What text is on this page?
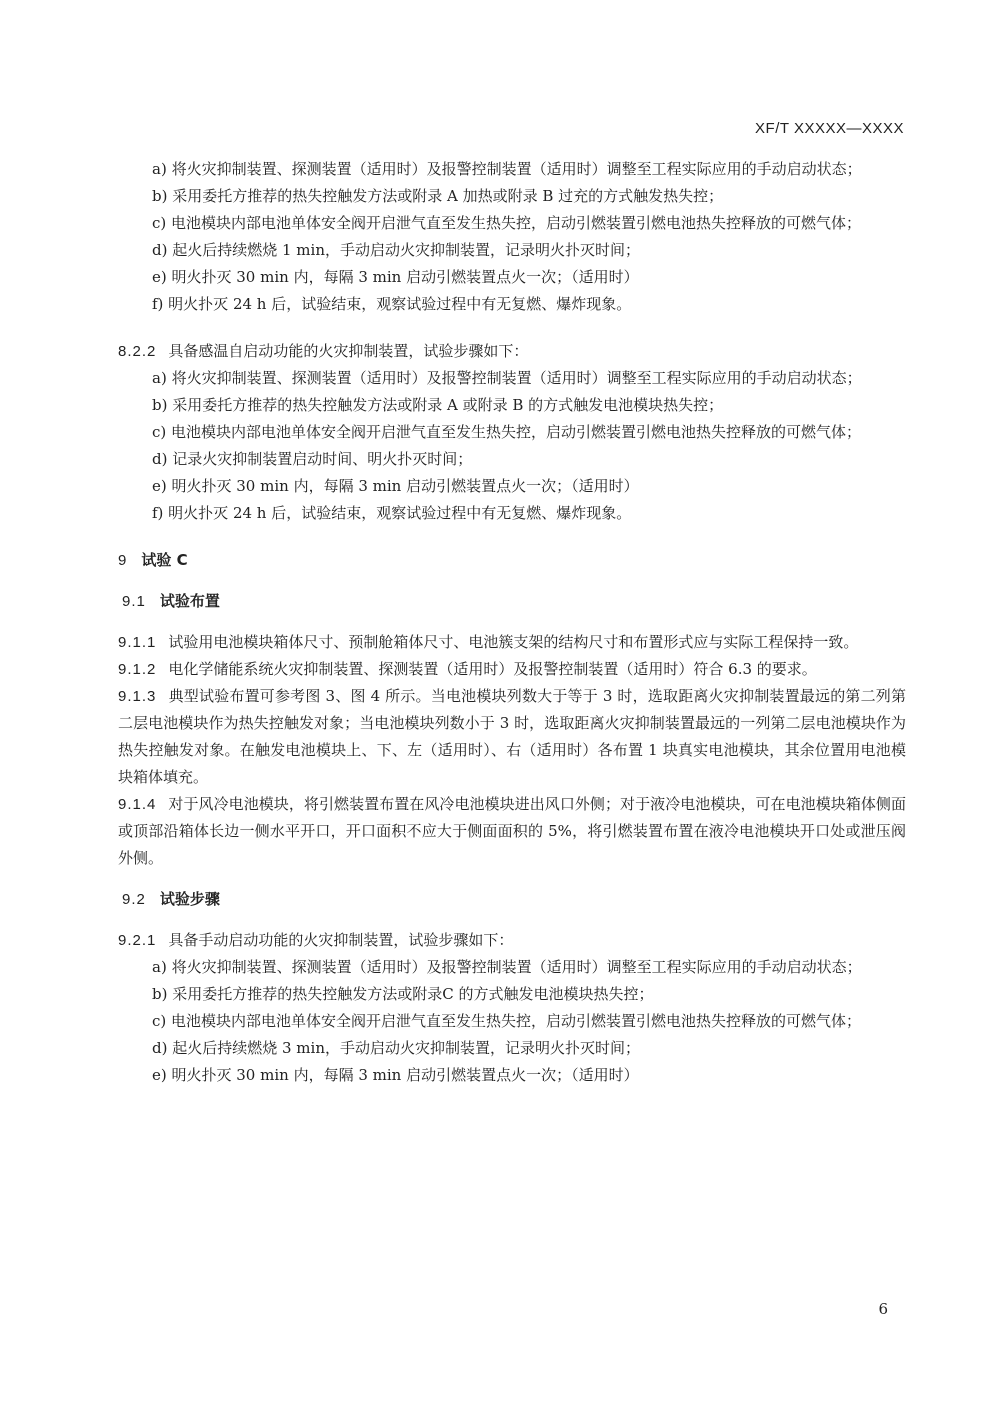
XF/T XXXXX—XXXX

a) 将火灾抑制装置、探测装置（适用时）及报警控制装置（适用时）调整至工程实际应用的手动启动状态；

b) 采用委托方推荐的热失控触发方法或附录 A 加热或附录 B 过充的方式触发热失控；

c) 电池模块内部电池单体安全阀开启泄气直至发生热失控，启动引燃装置引燃电池热失控释放的可燃气体；

d) 起火后持续燃烧 1 min，手动启动火灾抑制装置，记录明火扑灭时间；

e) 明火扑灭 30 min 内，每隔 3 min 启动引燃装置点火一次；（适用时）

f) 明火扑灭 24 h 后，试验结束，观察试验过程中有无复燃、爆炸现象。

8.2.2 具备感温自启动功能的火灾抑制装置，试验步骤如下：

a) 将火灾抑制装置、探测装置（适用时）及报警控制装置（适用时）调整至工程实际应用的手动启动状态；

b) 采用委托方推荐的热失控触发方法或附录 A 或附录 B 的方式触发电池模块热失控；

c) 电池模块内部电池单体安全阀开启泄气直至发生热失控，启动引燃装置引燃电池热失控释放的可燃气体；

d) 记录火灾抑制装置启动时间、明火扑灭时间；

e) 明火扑灭 30 min 内，每隔 3 min 启动引燃装置点火一次；（适用时）

f) 明火扑灭 24 h 后，试验结束，观察试验过程中有无复燃、爆炸现象。

9 试验 C

9.1 试验布置

9.1.1 试验用电池模块箱体尺寸、预制舱箱体尺寸、电池簇支架的结构尺寸和布置形式应与实际工程保持一致。

9.1.2 电化学储能系统火灾抑制装置、探测装置（适用时）及报警控制装置（适用时）符合 6.3 的要求。

9.1.3 典型试验布置可参考图 3、图 4 所示。当电池模块列数大于等于 3 时，选取距离火灾抑制装置最远的第二列第二层电池模块作为热失控触发对象；当电池模块列数小于 3 时，选取距离火灾抑制装置最远的一列第二层电池模块作为热失控触发对象。在触发电池模块上、下、左（适用时）、右（适用时）各布置 1 块真实电池模块，其余位置用电池模块箱体填充。

9.1.4 对于风冷电池模块，将引燃装置布置在风冷电池模块进出风口外侧；对于液冷电池模块，可在电池模块箱体侧面或顶部沿箱体长边一侧水平开口，开口面积不应大于侧面面积的 5%，将引燃装置布置在液冷电池模块开口处或泄压阀外侧。

9.2 试验步骤

9.2.1 具备手动启动功能的火灾抑制装置，试验步骤如下：

a) 将火灾抑制装置、探测装置（适用时）及报警控制装置（适用时）调整至工程实际应用的手动启动状态；

b) 采用委托方推荐的热失控触发方法或附录C 的方式触发电池模块热失控；

c) 电池模块内部电池单体安全阀开启泄气直至发生热失控，启动引燃装置引燃电池热失控释放的可燃气体；

d) 起火后持续燃烧 3 min，手动启动火灾抑制装置，记录明火扑灭时间；

e) 明火扑灭 30 min 内，每隔 3 min 启动引燃装置点火一次；（适用时）

6
